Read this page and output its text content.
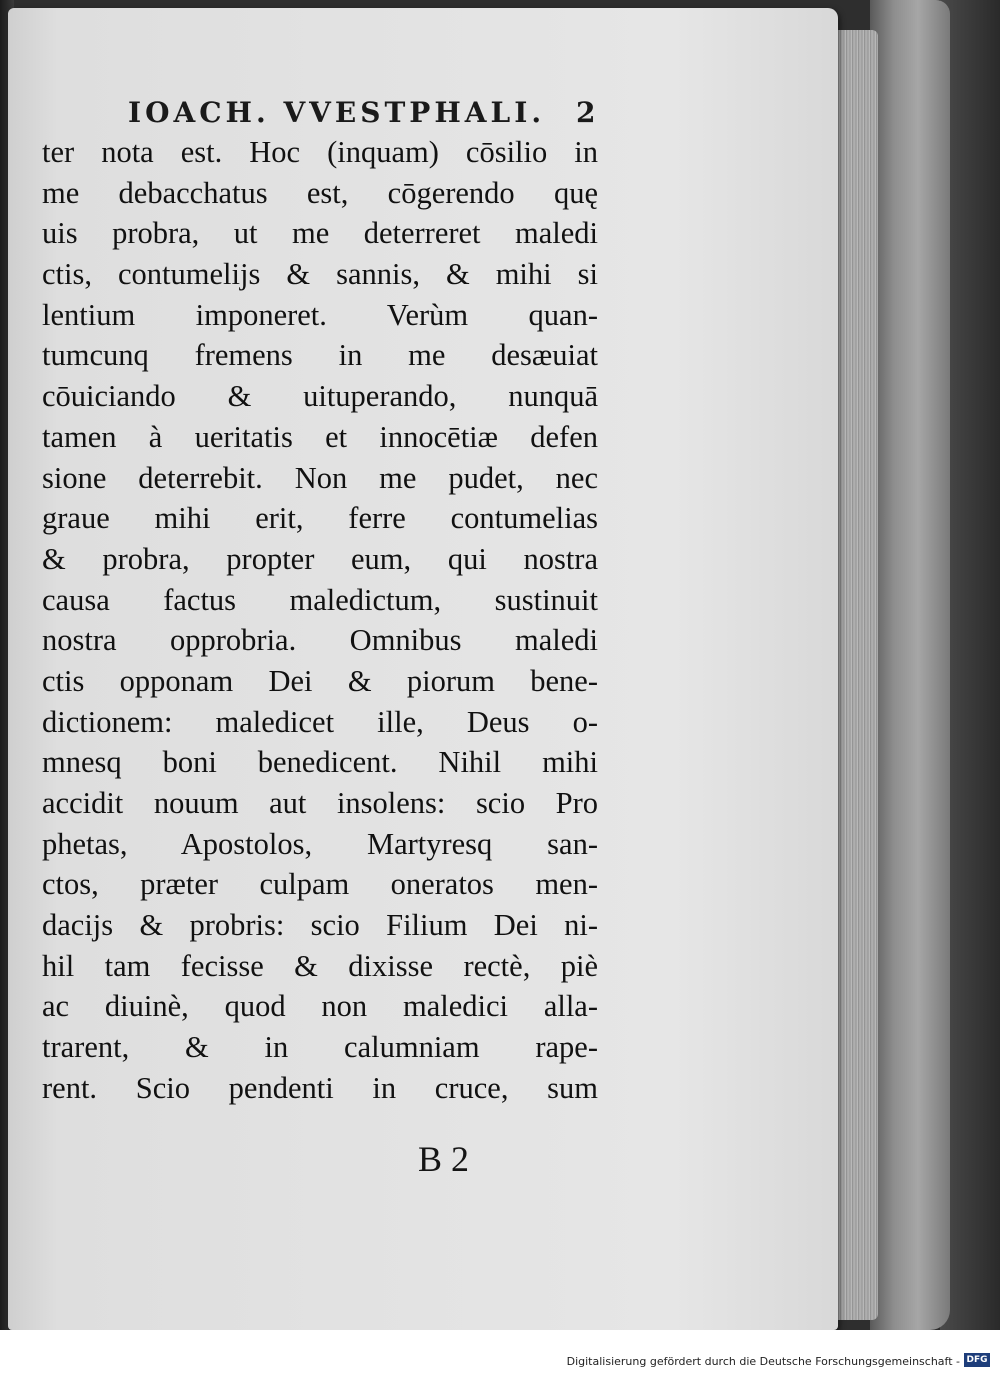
IOACH. VVESTPHALI. 2
ter nota est. Hoc (inquam) cōsilio in
me debacchatus est, cōgerendo quę
uis probra, ut me deterreret maledi
ctis, contumelijs & sannis, & mihi si
lentium imponeret. Verùm quan-
tumcunq fremens in me desæuiat
cōuiciando & uituperando, nunquā
tamen à ueritatis et innocētiæ defen
sione deterrebit. Non me pudet, nec
graue mihi erit, ferre contumelias
& probra, propter eum, qui nostra
causa factus maledictum, sustinuit
nostra opprobria. Omnibus maledi
ctis opponam Dei & piorum bene-
dictionem: maledicet ille, Deus o-
mnesq boni benedicent. Nihil mihi
accidit nouum aut insolens: scio Pro
phetas, Apostolos, Martyresq san-
ctos, præter culpam oneratos men-
dacijs & probris: scio Filium Dei ni-
hil tam fecisse & dixisse rectè, piè
ac diuinè, quod non maledici alla-
trarent, & in calumniam rape-
rent. Scio pendenti in cruce, sum
B 2
Digitalisierung gefördert durch die Deutsche Forschungsgemeinschaft - DFG
